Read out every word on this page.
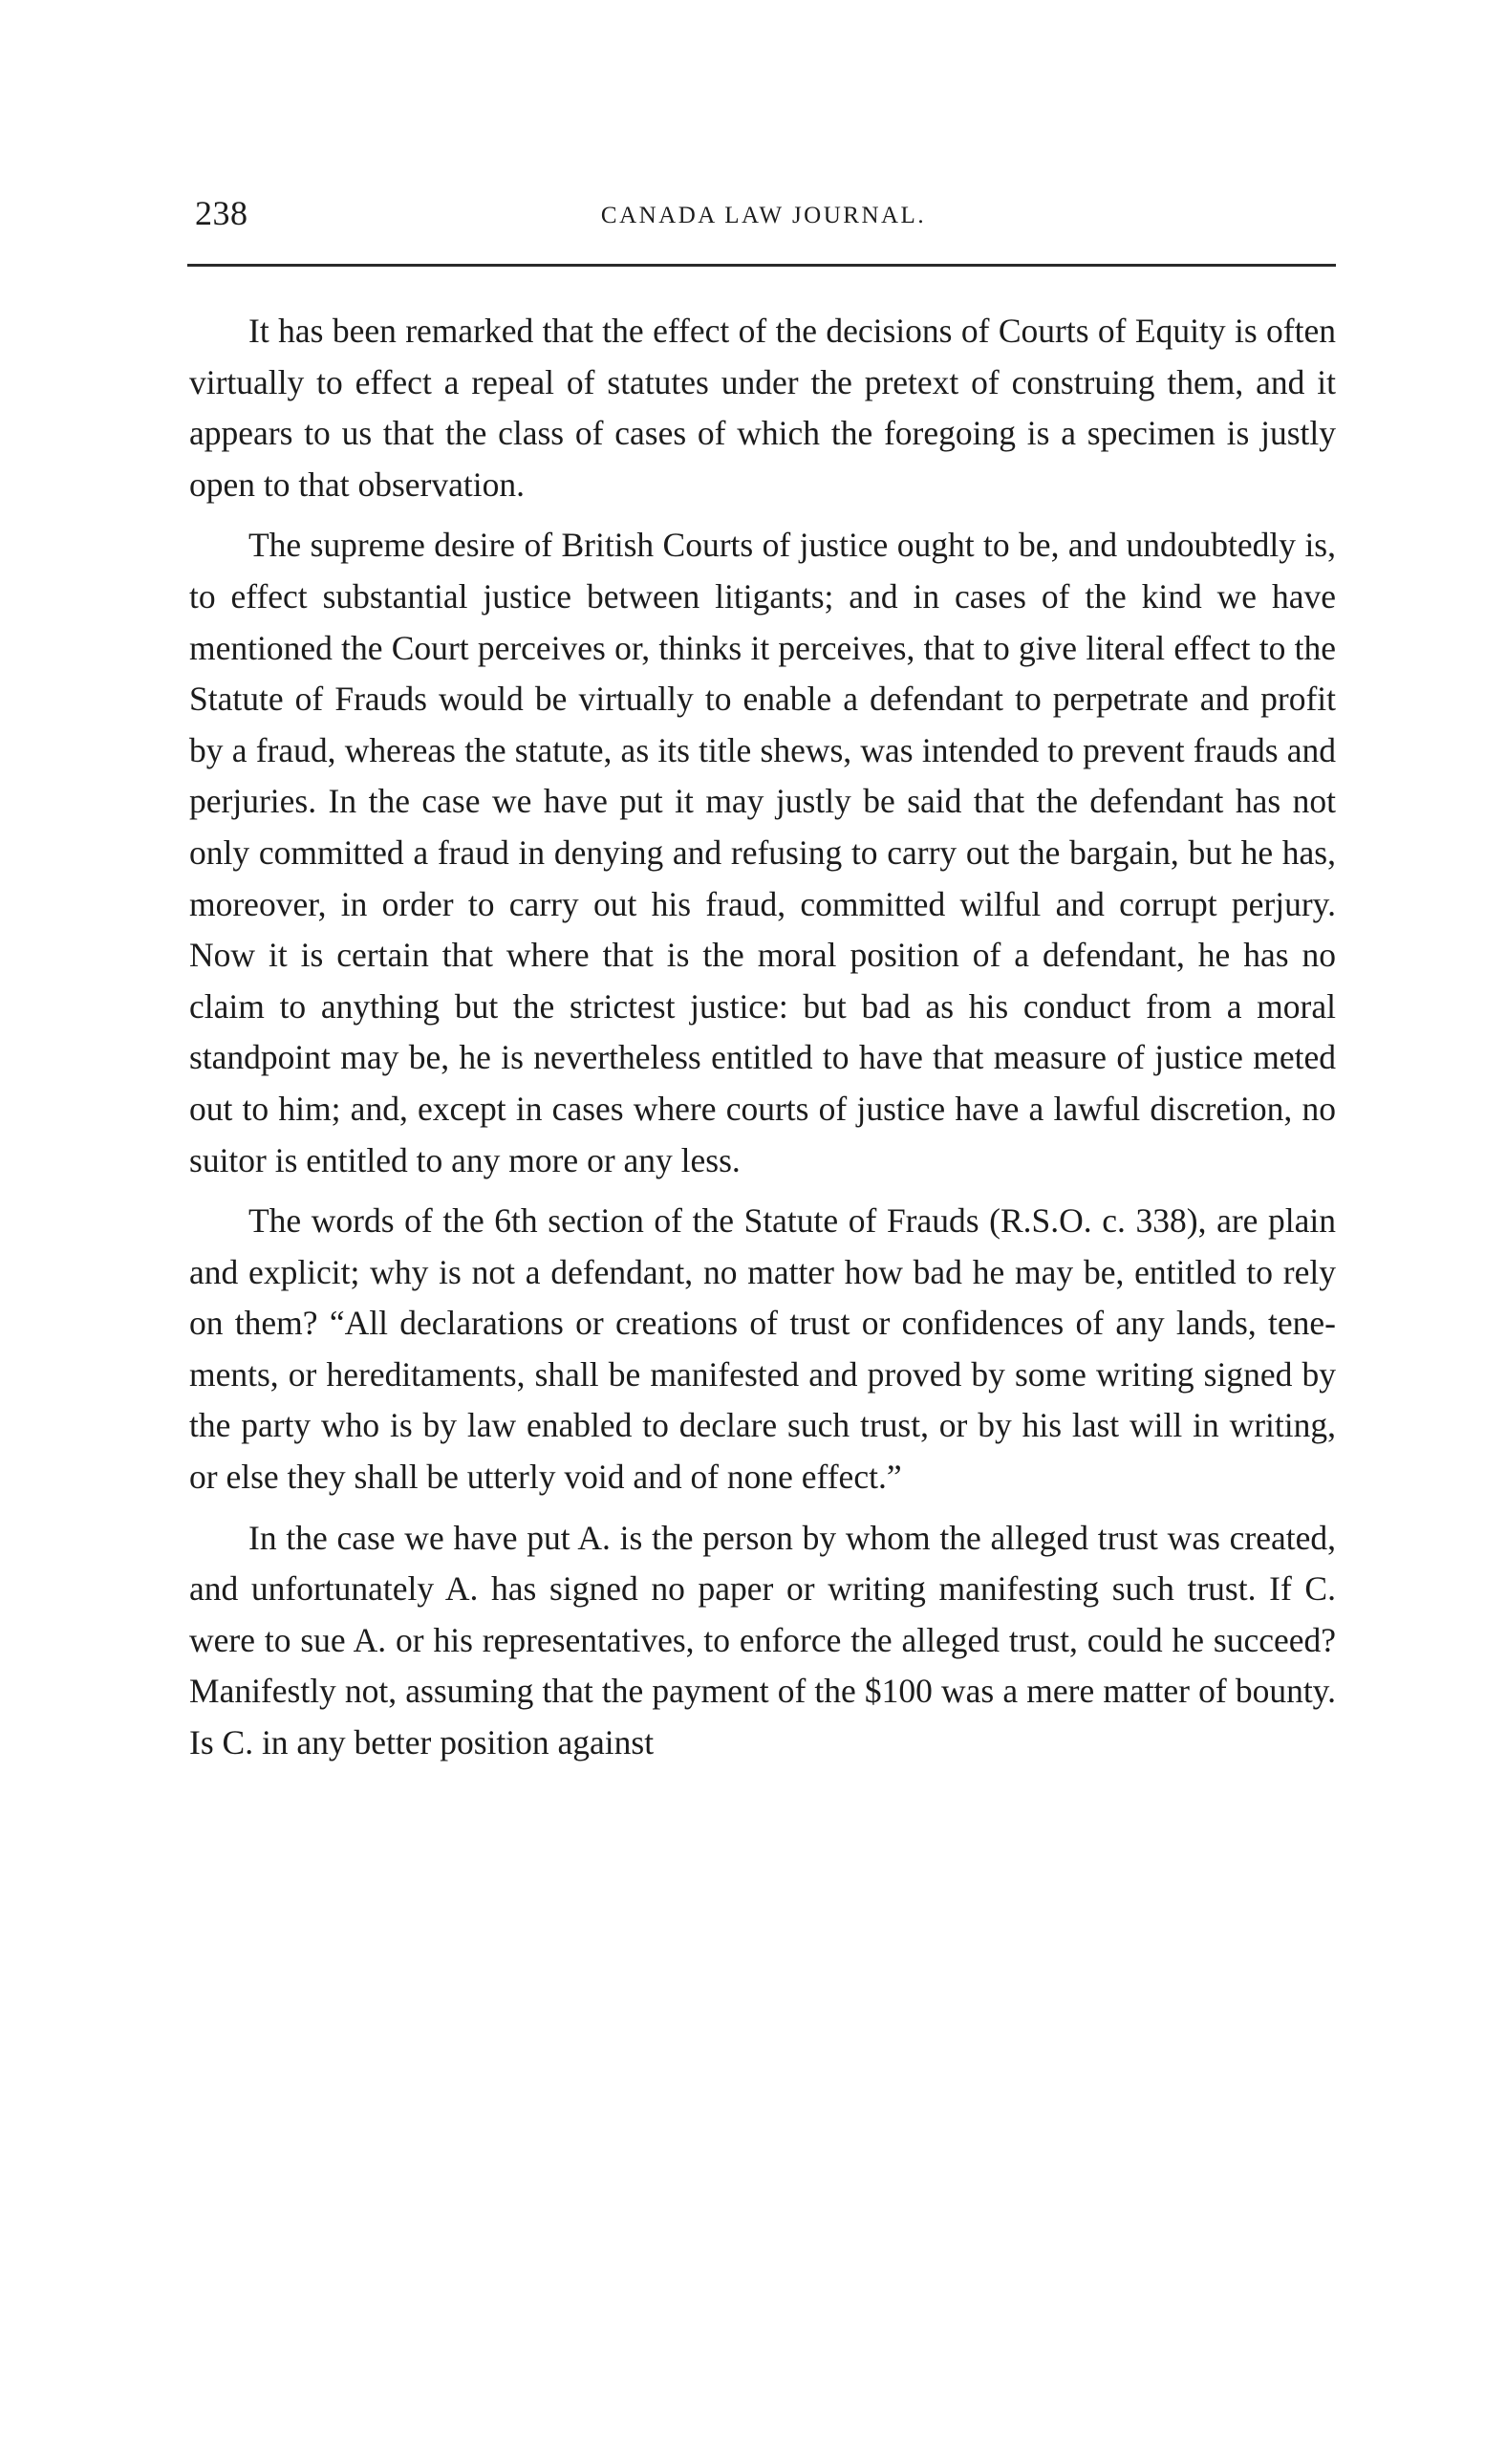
238	CANADA LAW JOURNAL.

It has been remarked that the effect of the decisions of Courts of Equity is often virtually to effect a repeal of statutes under the pretext of construing them, and it appears to us that the class of cases of which the foregoing is a specimen is justly open to that observation.

The supreme desire of British Courts of justice ought to be, and undoubtedly is, to effect substantial justice between litigants; and in cases of the kind we have mentioned the Court perceives or, thinks it perceives, that to give literal effect to the Statute of Frauds would be virtually to enable a defendant to perpetrate and profit by a fraud, whereas the statute, as its title shews, was intended to prevent frauds and perjuries. In the case we have put it may justly be said that the defendant has not only committed a fraud in denying and refusing to carry out the bargain, but he has, moreover, in order to carry out his fraud, committed wilful and corrupt perjury. Now it is certain that where that is the moral position of a defendant, he has no claim to anything but the strictest justice: but bad as his conduct from a moral standpoint may be, he is nevertheless entitled to have that measure of justice meted out to him; and, except in cases where courts of justice have a lawful discretion, no suitor is entitled to any more or any less.

The words of the 6th section of the Statute of Frauds (R.S.O. c. 338), are plain and explicit; why is not a defendant, no matter how bad he may be, entitled to rely on them? “All declarations or creations of trust or confidences of any lands, tenements, or hereditaments, shall be manifested and proved by some writing signed by the party who is by law enabled to declare such trust, or by his last will in writing, or else they shall be utterly void and of none effect.”

In the case we have put A. is the person by whom the alleged trust was created, and unfortunately A. has signed no paper or writing manifesting such trust. If C. were to sue A. or his representatives, to enforce the alleged trust, could he succeed? Manifestly not, assuming that the payment of the $100 was a mere matter of bounty. Is C. in any better position against
